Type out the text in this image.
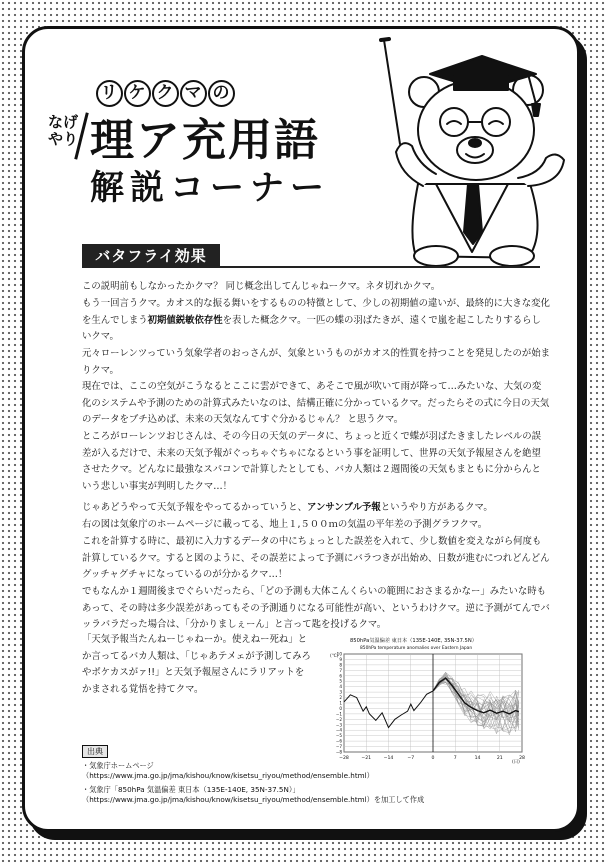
リ ケ ク マ の
なげ
やり 理ア充用語
解説コーナー
バタフライ効果

この説明前もしなかったかクマ？ 同じ概念出してんじゃねークマ。ネタ切れかクマ。

もう一回言うクマ。カオス的な振る舞いをするものの特徴として、少しの初期値の違いが、最終的に大きな変化を生んでしまう初期値鋭敏依存性を表した概念クマ。一匹の蝶の羽ばたきが、遠くで嵐を起こしたりするらしいクマ。

元々ローレンツっていう気象学者のおっさんが、気象というものがカオス的性質を持つことを発見したのが始まりクマ。

現在では、ここの空気がこうなるとここに雲ができて、あそこで風が吹いて雨が降って…みたいな、大気の変化のシステムや予測のための計算式みたいなのは、結構正確に分かっているクマ。だったらその式に今日の天気のデータをブチ込めば、未来の天気なんてすぐ分かるじゃん？ と思うクマ。

ところがローレンツおじさんは、その今日の天気のデータに、ちょっと近くで蝶が羽ばたきましたレベルの誤差が入るだけで、未来の天気予報がぐっちゃぐちゃになるという事を証明して、世界の天気予報屋さんを絶望させたクマ。どんなに最強なスパコンで計算したとしても、バカ人類は２週間後の天気もまともに分からんという悲しい事実が判明したクマ…！

じゃあどうやって天気予報をやってるかっていうと、アンサンブル予報というやり方があるクマ。

右の図は気象庁のホームページに載ってる、地上１,５００ｍの気温の平年差の予測グラフクマ。

これを計算する時に、最初に入力するデータの中にちょっとした誤差を入れて、少し数値を変えながら何度も計算しているクマ。すると図のように、その誤差によって予測にバラつきが出始め、日数が進むにつれどんどんグッチャグチャになっているのが分かるクマ…！

でもなんか１週間後までぐらいだったら、「どの予測も大体こんくらいの範囲におさまるかなー」みたいな時もあって、その時は多少誤差があってもその予測通りになる可能性が高い、というわけクマ。逆に予測がてんでバッラバラだった場合は、「分かりましぇーん」と言って匙を投げるクマ。

「天気予報当たんねーじゃねーか。使えねー死ね」とか言ってるバカ人類は、「じゃあテメェが予測してみろやボケカスがァ!!」と天気予報屋さんにラリアットをかまされる覚悟を持てクマ。

850hPa気温偏差 東日本（135E-140E, 35N-37.5N）
850hPa temperature anomalies over Eastern Japan
(℃)
(日)
10
9
8
7
6
5
4
3
2
1
0
−1
−2
−3
−4
−5
−6
−7
−8
−28	−21	−14	−7	0	7	14	21	28
出典

・気象庁ホームページ

（https://www.jma.go.jp/jma/kishou/know/kisetsu_riyou/method/ensemble.html）

・気象庁「850hPa 気温偏差 東日本（135E-140E, 35N-37.5N）」

（https://www.jma.go.jp/jma/kishou/know/kisetsu_riyou/method/ensemble.html）を加工して作成
